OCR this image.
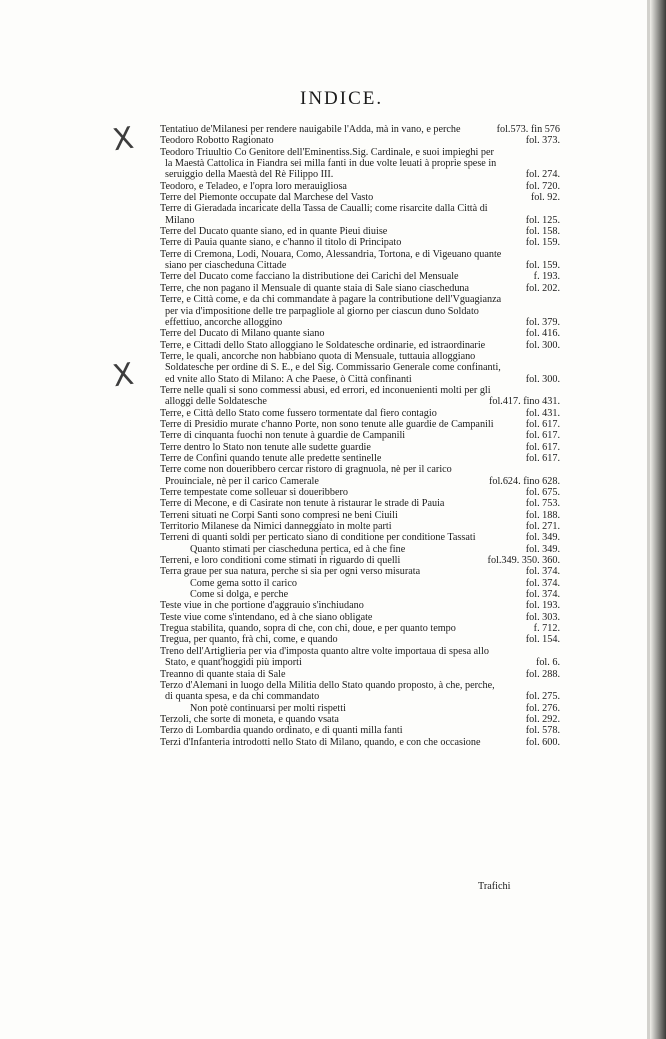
INDICE.
X
X
Tentatiuo de'Milanesi per rendere nauigabile l'Adda, mà in vano, e perche	fol.573. fin 576
Teodoro Robotto Ragionato	fol. 373.
Teodoro Triuultio Co Genitore dell'Eminentiss.Sig. Cardinale, e suoi impieghi per la Maestà Cattolica in Fiandra sei milla fanti in due volte leuati à proprie spese in seruiggio della Maestà del Rè Filippo III.	fol. 274.
Teodoro, e Teladeo, e l'opra loro merauigliosa	fol. 720.
Terre del Piemonte occupate dal Marchese del Vasto	fol. 92.
Terre di Gieradada incaricate della Tassa de Caualli; come risarcite dalla Città di Milano	fol. 125.
Terre del Ducato quante siano, ed in quante Pieui diuise	fol. 158.
Terre di Pauia quante siano, e c'hanno il titolo di Principato	fol. 159.
Terre di Cremona, Lodi, Nouara, Como, Alessandria, Tortona, e di Vigeuano quante siano per ciascheduna Cittade	fol. 159.
Terre del Ducato come facciano la distributione dei Carichi del Mensuale	f. 193.
Terre, che non pagano il Mensuale di quante staia di Sale siano ciascheduna	fol. 202.
Terre, e Città come, e da chi commandate à pagare la contributione dell'Vguagianza per via d'impositione delle tre parpagliole al giorno per ciascun duno Soldato effettiuo, ancorche alloggino	fol. 379.
Terre del Ducato di Milano quante siano	fol. 416.
Terre, e Cittadi dello Stato alloggiano le Soldatesche ordinarie, ed istraordinarie	fol. 300.
Terre, le quali, ancorche non habbiano quota di Mensuale, tuttauia alloggiano Soldatesche per ordine di S. E., e del Sig. Commissario Generale come confinanti, ed vnite allo Stato di Milano: A che Paese, ò Città confinanti	fol. 300.
Terre nelle quali si sono commessi abusi, ed errori, ed inconuenienti molti per gli alloggi delle Soldatesche	fol.417. fino 431.
Terre, e Città dello Stato come fussero tormentate dal fiero contagio	fol. 431.
Terre di Presidio murate c'hanno Porte, non sono tenute alle guardie de Campanili	fol. 617.
Terre di cinquanta fuochi non tenute à guardie de Campanili	fol. 617.
Terre dentro lo Stato non tenute alle sudette guardie	fol. 617.
Terre de Confini quando tenute alle predette sentinelle	fol. 617.
Terre come non doueribbero cercar ristoro di gragnuola, nè per il carico Prouinciale, nè per il carico Camerale	fol.624. fino 628.
Terre tempestate come solleuar si doueribbero	fol. 675.
Terre di Mecone, e di Casirate non tenute à ristaurar le strade di Pauia	fol. 753.
Terreni situati ne Corpi Santi sono compresi ne beni Ciuili	fol. 188.
Territorio Milanese da Nimici danneggiato in molte parti	fol. 271.
Terreni di quanti soldi per perticato siano di conditione per conditione Tassati	fol. 349.
Quanto stimati per ciascheduna pertica, ed à che fine	fol. 349.
Terreni, e loro conditioni come stimati in riguardo di quelli	fol.349. 350. 360.
Terra graue per sua natura, perche si sia per ogni verso misurata	fol. 374.
Come gema sotto il carico	fol. 374.
Come si dolga, e perche	fol. 374.
Teste viue in che portione d'aggrauio s'inchiudano	fol. 193.
Teste viue come s'intendano, ed à che siano obligate	fol. 303.
Tregua stabilita, quando, sopra di che, con chi, doue, e per quanto tempo	f. 712.
Tregua, per quanto, frà chi, come, e quando	fol. 154.
Treno dell'Artiglieria per via d'imposta quanto altre volte importaua di spesa allo Stato, e quant'hoggidi più importi	fol. 6.
Treanno di quante staia di Sale	fol. 288.
Terzo d'Alemani in luogo della Militia dello Stato quando proposto, à che, perche, di quanta spesa, e da chi commandato	fol. 275.
Non potè continuarsi per molti rispetti	fol. 276.
Terzoli, che sorte di moneta, e quando vsata	fol. 292.
Terzo di Lombardia quando ordinato, e di quanti milla fanti	fol. 578.
Terzi d'Infanteria introdotti nello Stato di Milano, quando, e con che occasione	fol. 600.
Trafichi
